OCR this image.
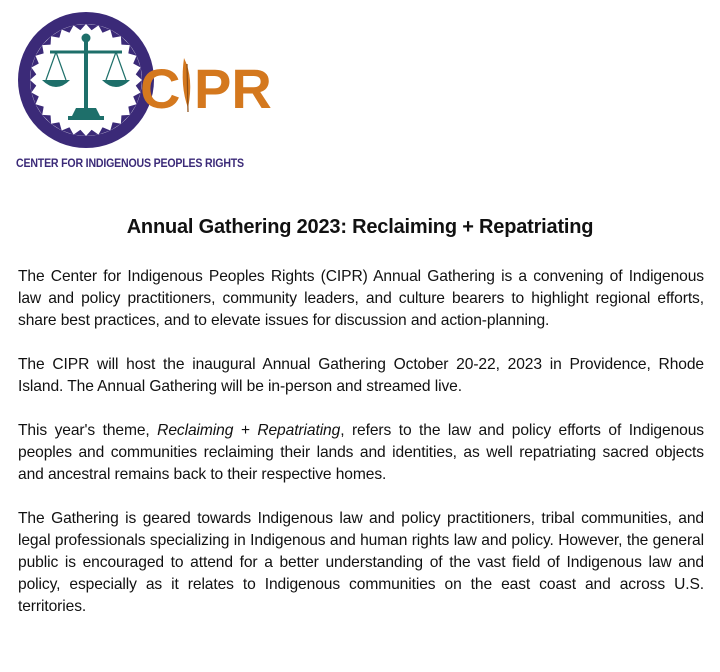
C PR
CENTER FOR INDIGENOUS PEOPLES RIGHTS
Annual Gathering 2023: Reclaiming + Repatriating

The Center for Indigenous Peoples Rights (CIPR) Annual Gathering is a convening of Indigenous law and policy practitioners, community leaders, and culture bearers to highlight regional efforts, share best practices, and to elevate issues for discussion and action-planning.

The CIPR will host the inaugural Annual Gathering October 20-22, 2023 in Providence, Rhode Island. The Annual Gathering will be in-person and streamed live.

This year's theme, Reclaiming + Repatriating, refers to the law and policy efforts of Indigenous peoples and communities reclaiming their lands and identities, as well repatriating sacred objects and ancestral remains back to their respective homes.

The Gathering is geared towards Indigenous law and policy practitioners, tribal communities, and legal professionals specializing in Indigenous and human rights law and policy. However, the general public is encouraged to attend for a better understanding of the vast field of Indigenous law and policy, especially as it relates to Indigenous communities on the east coast and across U.S. territories.
